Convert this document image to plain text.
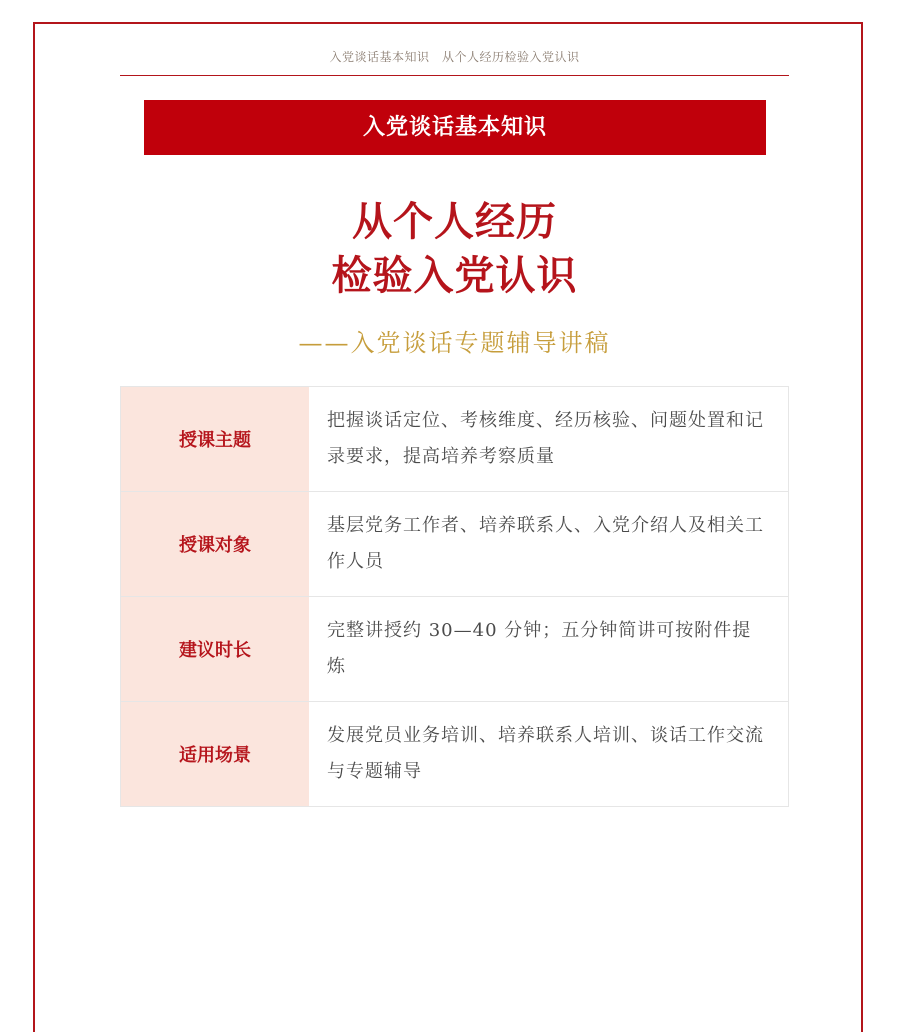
入党谈话基本知识　从个人经历检验入党认识
入党谈话基本知识
从个人经历
检验入党认识
——入党谈话专题辅导讲稿
授课主题
把握谈话定位、考核维度、经历核验、问题处置和记录要求，提高培养考察质量
授课对象
基层党务工作者、培养联系人、入党介绍人及相关工作人员
建议时长
完整讲授约 30—40 分钟；五分钟简讲可按附件提炼
适用场景
发展党员业务培训、培养联系人培训、谈话工作交流与专题辅导
